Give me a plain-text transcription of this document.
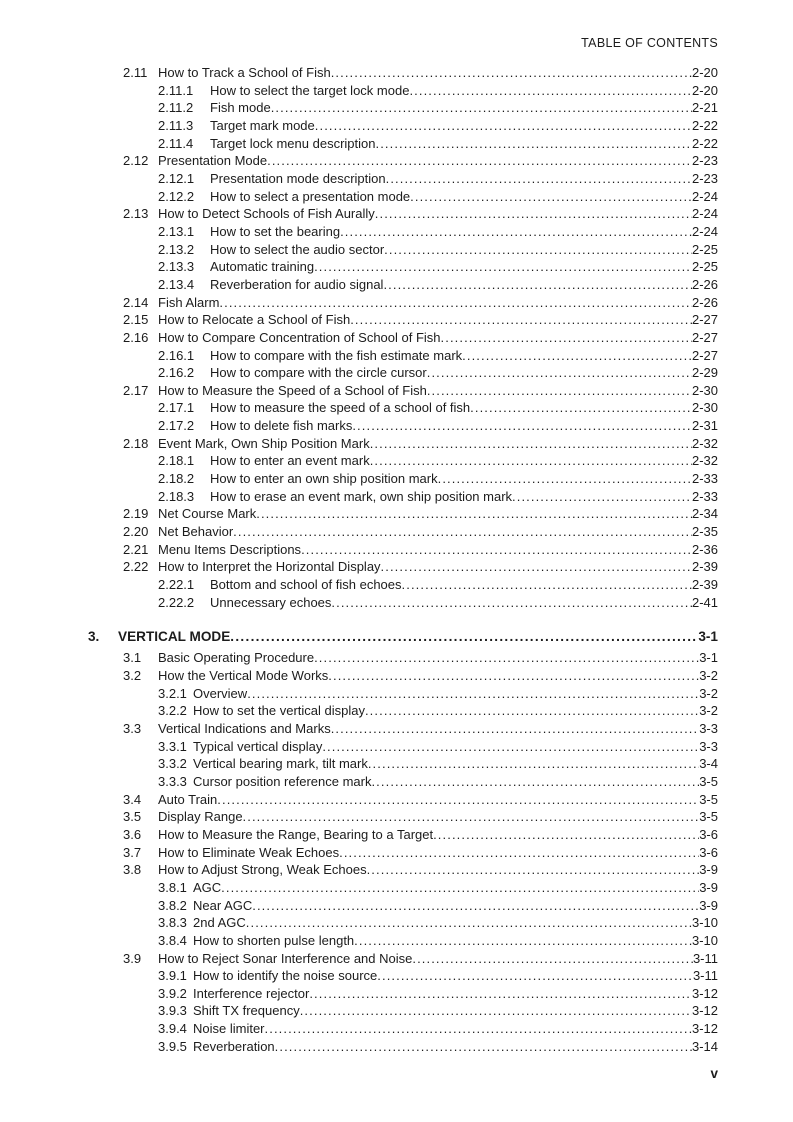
TABLE OF CONTENTS
2.11 How to Track a School of Fish .....	2-20
2.11.1	How to select the target lock mode .....	2-20
2.11.2	Fish mode .....	2-21
2.11.3	Target mark mode .....	2-22
2.11.4	Target lock menu description .....	2-22
2.12 Presentation Mode .....	2-23
2.12.1	Presentation mode description .....	2-23
2.12.2	How to select a presentation mode .....	2-24
2.13 How to Detect Schools of Fish Aurally .....	2-24
2.13.1	How to set the bearing .....	2-24
2.13.2	How to select the audio sector .....	2-25
2.13.3	Automatic training .....	2-25
2.13.4	Reverberation for audio signal .....	2-26
2.14 Fish Alarm .....	2-26
2.15 How to Relocate a School of Fish .....	2-27
2.16 How to Compare Concentration of School of Fish .....	2-27
2.16.1	How to compare with the fish estimate mark .....	2-27
2.16.2	How to compare with the circle cursor .....	2-29
2.17 How to Measure the Speed of a School of Fish .....	2-30
2.17.1	How to measure the speed of a school of fish .....	2-30
2.17.2	How to delete fish marks .....	2-31
2.18 Event Mark, Own Ship Position Mark .....	2-32
2.18.1	How to enter an event mark .....	2-32
2.18.2	How to enter an own ship position mark .....	2-33
2.18.3	How to erase an event mark, own ship position mark .....	2-33
2.19 Net Course Mark .....	2-34
2.20 Net Behavior .....	2-35
2.21 Menu Items Descriptions .....	2-36
2.22 How to Interpret the Horizontal Display .....	2-39
2.22.1	Bottom and school of fish echoes .....	2-39
2.22.2	Unnecessary echoes .....	2-41
3.	VERTICAL MODE .....	3-1
3.1	Basic Operating Procedure .....	3-1
3.2	How the Vertical Mode Works .....	3-2
3.2.1 Overview .....	3-2
3.2.2 How to set the vertical display .....	3-2
3.3	Vertical Indications and Marks .....	3-3
3.3.1 Typical vertical display .....	3-3
3.3.2 Vertical bearing mark, tilt mark .....	3-4
3.3.3 Cursor position reference mark .....	3-5
3.4	Auto Train .....	3-5
3.5	Display Range .....	3-5
3.6	How to Measure the Range, Bearing to a Target .....	3-6
3.7	How to Eliminate Weak Echoes .....	3-6
3.8	How to Adjust Strong, Weak Echoes .....	3-9
3.8.1 AGC .....	3-9
3.8.2 Near AGC .....	3-9
3.8.3 2nd AGC .....	3-10
3.8.4 How to shorten pulse length .....	3-10
3.9	How to Reject Sonar Interference and Noise .....	3-11
3.9.1 How to identify the noise source .....	3-11
3.9.2 Interference rejector .....	3-12
3.9.3 Shift TX frequency .....	3-12
3.9.4 Noise limiter .....	3-12
3.9.5 Reverberation .....	3-14
v
